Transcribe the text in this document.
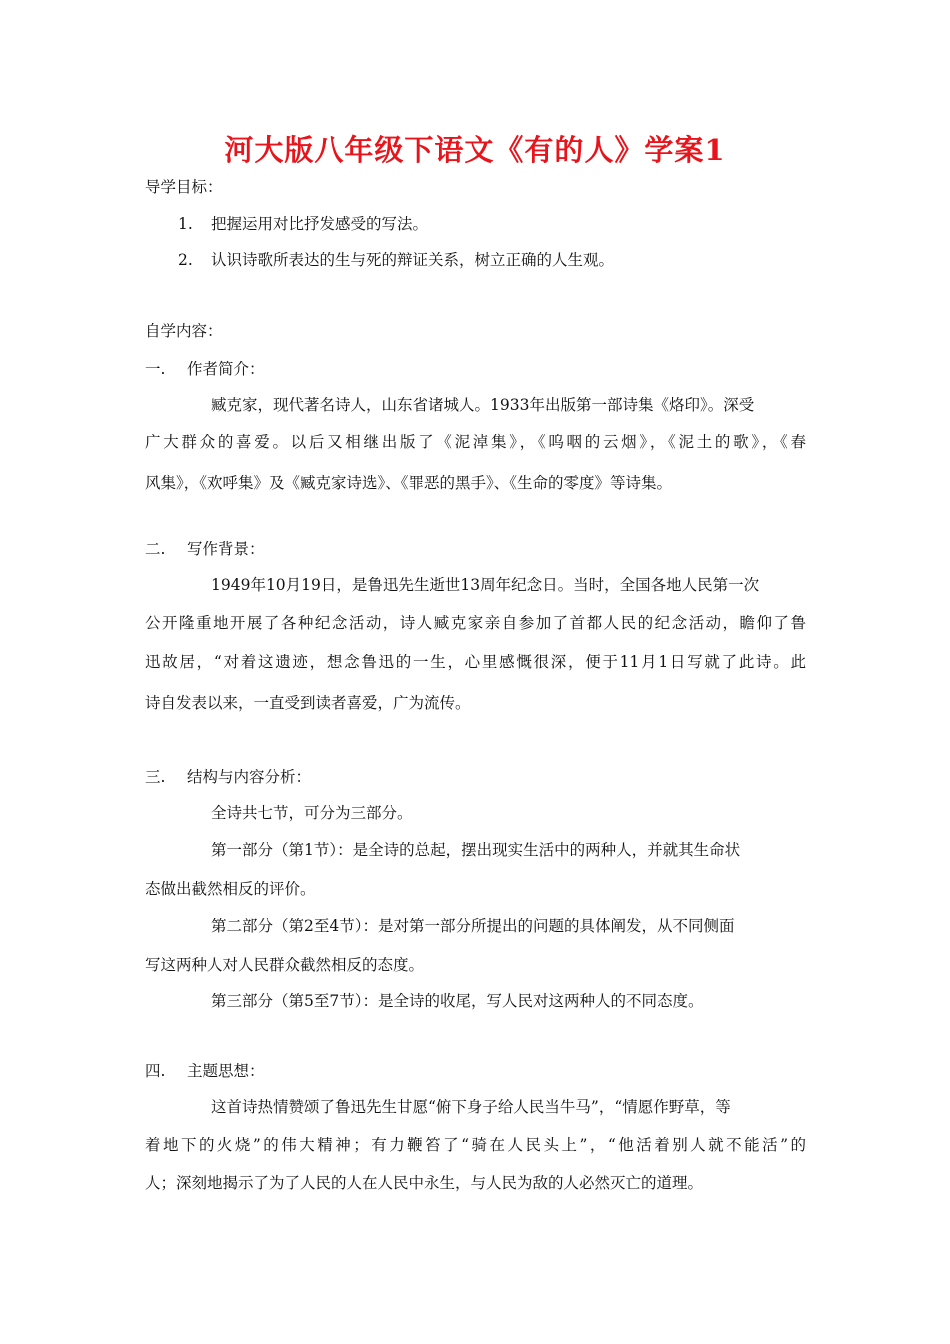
河大版八年级下语文《有的人》学案1
导学目标：
1. 把握运用对比抒发感受的写法。
2. 认识诗歌所表达的生与死的辩证关系，树立正确的人生观。
自学内容：
一. 作者简介：
臧克家，现代著名诗人，山东省诸城人。1933年出版第一部诗集《烙印》。深受
广大群众的喜爱。以后又相继出版了《泥淖集》，《呜咽的云烟》，《泥土的歌》，《春
风集》，《欢呼集》及《臧克家诗选》、《罪恶的黑手》、《生命的零度》等诗集。
二. 写作背景：
1949年10月19日，是鲁迅先生逝世13周年纪念日。当时，全国各地人民第一次
公开隆重地开展了各种纪念活动，诗人臧克家亲自参加了首都人民的纪念活动，瞻仰了鲁
迅故居，“对着这遗迹，想念鲁迅的一生，心里感慨很深，便于11月1日写就了此诗。此
诗自发表以来，一直受到读者喜爱，广为流传。
三. 结构与内容分析：
全诗共七节，可分为三部分。
第一部分（第1节）：是全诗的总起，摆出现实生活中的两种人，并就其生命状
态做出截然相反的评价。
第二部分（第2至4节）：是对第一部分所提出的问题的具体阐发，从不同侧面
写这两种人对人民群众截然相反的态度。
第三部分（第5至7节）：是全诗的收尾，写人民对这两种人的不同态度。
四. 主题思想：
这首诗热情赞颂了鲁迅先生甘愿“俯下身子给人民当牛马”，“情愿作野草，等
着地下的火烧”的伟大精神；有力鞭笞了“骑在人民头上”，“他活着别人就不能活”的
人；深刻地揭示了为了人民的人在人民中永生，与人民为敌的人必然灭亡的道理。
